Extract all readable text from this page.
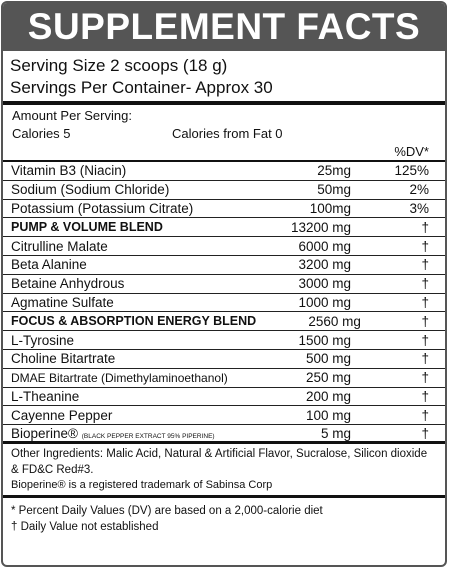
SUPPLEMENT FACTS
Serving Size 2 scoops (18 g)
Servings Per Container- Approx 30
Amount Per Serving:
Calories 5	Calories from Fat 0
%DV*
Vitamin B3 (Niacin)	25mg	125%
Sodium (Sodium Chloride)	50mg	2%
Potassium (Potassium Citrate)	100mg	3%
PUMP & VOLUME BLEND	13200 mg	†
Citrulline Malate	6000 mg	†
Beta Alanine	3200 mg	†
Betaine Anhydrous	3000 mg	†
Agmatine Sulfate	1000 mg	†
FOCUS & ABSORPTION ENERGY BLEND	2560 mg	†
L-Tyrosine	1500 mg	†
Choline Bitartrate	500 mg	†
DMAE Bitartrate (Dimethylaminoethanol)	250 mg	†
L-Theanine	200 mg	†
Cayenne Pepper	100 mg	†
Bioperine® (BLACK PEPPER EXTRACT 95% PIPERINE)	5 mg	†
Other Ingredients: Malic Acid, Natural & Artificial Flavor, Sucralose, Silicon dioxide & FD&C Red#3.
Bioperine® is a registered trademark of Sabinsa Corp
* Percent Daily Values (DV) are based on a 2,000-calorie diet
† Daily Value not established
